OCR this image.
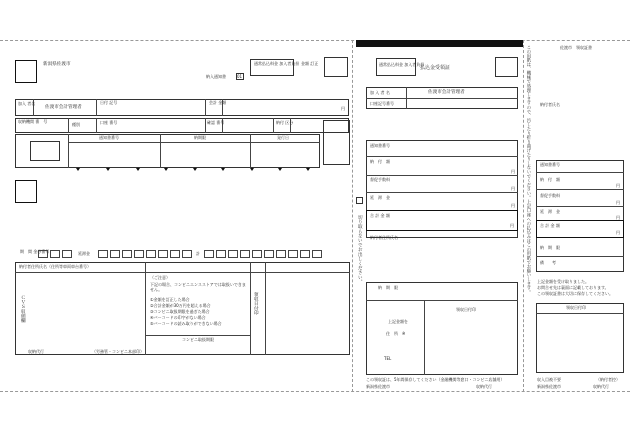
新潟県佐渡市	通常払込料金 加入者負担 金額 訂正
納入通知書	01
加入 者名
佐渡市会計管理者
日付 記号	会計 金額
円
収納機関 番　号
種別	口座 番号	確認 番号	納付 区分
通知書番号	納期限	発行日
期　間 金券番号	延滞金	計
納付者住所氏名（住所等車両車台番号）
ＣＶＳ収納欄
（ご注意）
下記の場合、コンビニエンスストアでは取扱いできません。
①金額を訂正した場合
②合計金額が30万円を超える場合
③コンビニ取扱期限を過ぎた場合
④バーコードの印字がない場合
⑤バーコードの読み取りができない場合
コンビニ取扱期限
領収日付印
収納代行	（労務管・コンビニ本部印）
通常払込料金 加入者負担
払込金受領証
加 入 者 名	佐渡市会計管理者
口座記号番号
切り取らないでお出しください。
通知書番号
納　付　額
円
督促手数料
円
延　滞　金
円
合 計 金 額
円
納付者住所氏名
納　期　限
領収日付印
上記金額を
住　所　※
TEL
この領収証は、5年間保存してください（金融機関等窓口・コンビニ店舗用）
新潟県佐渡市	収納代行
佐渡市　領収証書
この用紙は、機械で処理しますので、汚したり折り曲げたりしないでください。上記口座への払込みはこの用紙でお願いします。 納付者氏名
通知書番号
納　付　額
円
督促手数料
円
延　滞　金
円
合 計 金 額
円
納　期　限
備　　考
上記金額を受け取りました。
お問合せ先は裏面に記載しております。
この領収証書は大切に保存してください。
領収日付印
収入目被不要	（納付者控）
新潟県佐渡市	収納代行
